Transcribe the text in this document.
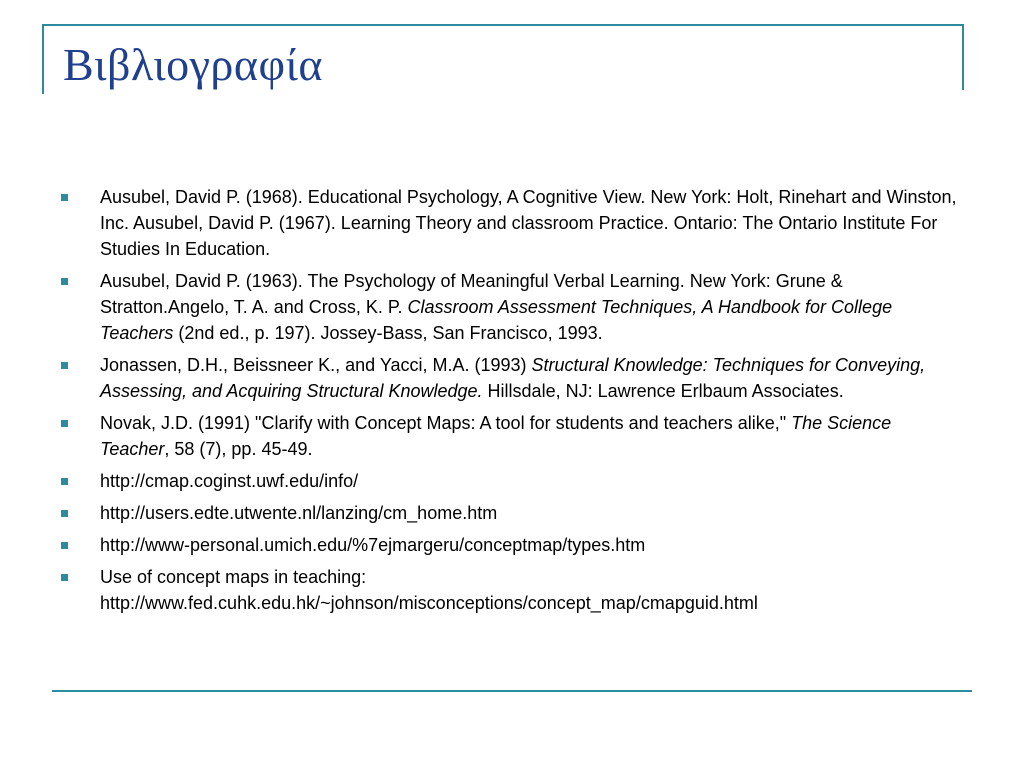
Βιβλιογραφία
Ausubel, David P. (1968). Educational Psychology, A Cognitive View. New York: Holt, Rinehart and Winston, Inc. Ausubel, David P. (1967). Learning Theory and classroom Practice. Ontario: The Ontario Institute For Studies In Education.
Ausubel, David P. (1963). The Psychology of Meaningful Verbal Learning. New York: Grune & Stratton.Angelo, T. A. and Cross, K. P. Classroom Assessment Techniques, A Handbook for College Teachers (2nd ed., p. 197). Jossey-Bass, San Francisco, 1993.
Jonassen, D.H., Beissneer K., and Yacci, M.A. (1993) Structural Knowledge: Techniques for Conveying, Assessing, and Acquiring Structural Knowledge. Hillsdale, NJ: Lawrence Erlbaum Associates.
Novak, J.D. (1991) "Clarify with Concept Maps: A tool for students and teachers alike," The Science Teacher, 58 (7), pp. 45-49.
http://cmap.coginst.uwf.edu/info/
http://users.edte.utwente.nl/lanzing/cm_home.htm
http://www-personal.umich.edu/%7ejmargeru/conceptmap/types.htm
Use of concept maps in teaching: http://www.fed.cuhk.edu.hk/~johnson/misconceptions/concept_map/cmapguid.html
